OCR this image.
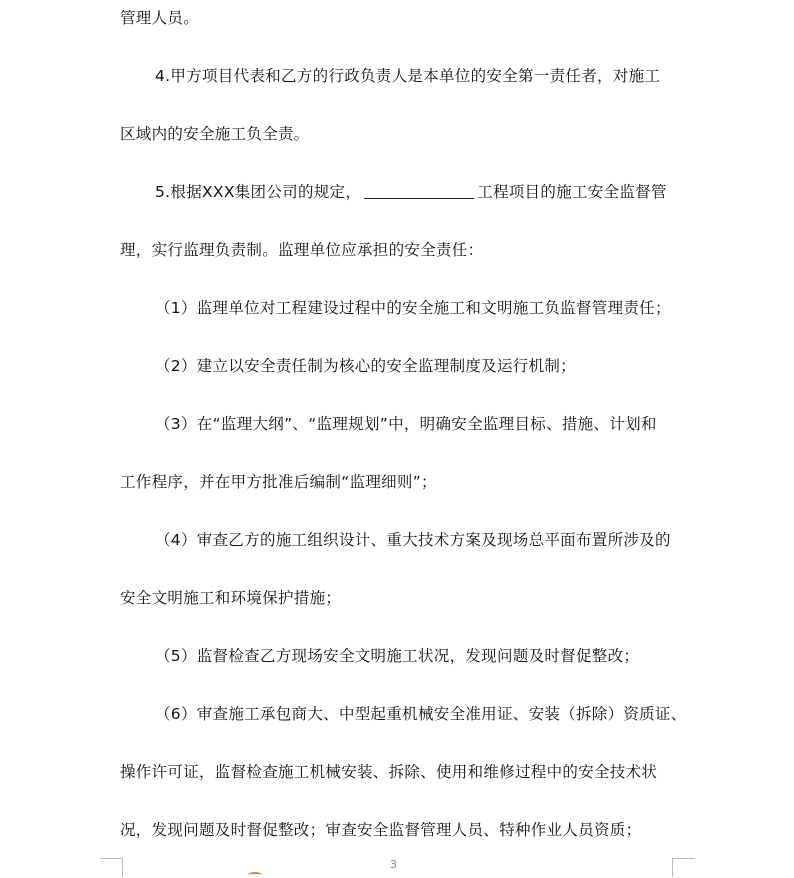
管理人员。
4.甲方项目代表和乙方的行政负责人是本单位的安全第一责任者，对施工
区域内的安全施工负全责。
5.根据XXX集团公司的规定，	工程项目的施工安全监督管
理，实行监理负责制。监理单位应承担的安全责任：
（1）监理单位对工程建设过程中的安全施工和文明施工负监督管理责任；
（2）建立以安全责任制为核心的安全监理制度及运行机制；
（3）在“监理大纲”、“监理规划”中，明确安全监理目标、措施、计划和
工作程序，并在甲方批准后编制“监理细则”；
（4）审查乙方的施工组织设计、重大技术方案及现场总平面布置所涉及的
安全文明施工和环境保护措施；
（5）监督检查乙方现场安全文明施工状况，发现问题及时督促整改；
（6）审查施工承包商大、中型起重机械安全准用证、安装（拆除）资质证、
操作许可证，监督检查施工机械安装、拆除、使用和维修过程中的安全技术状
况，发现问题及时督促整改；审查安全监督管理人员、特种作业人员资质；
3
